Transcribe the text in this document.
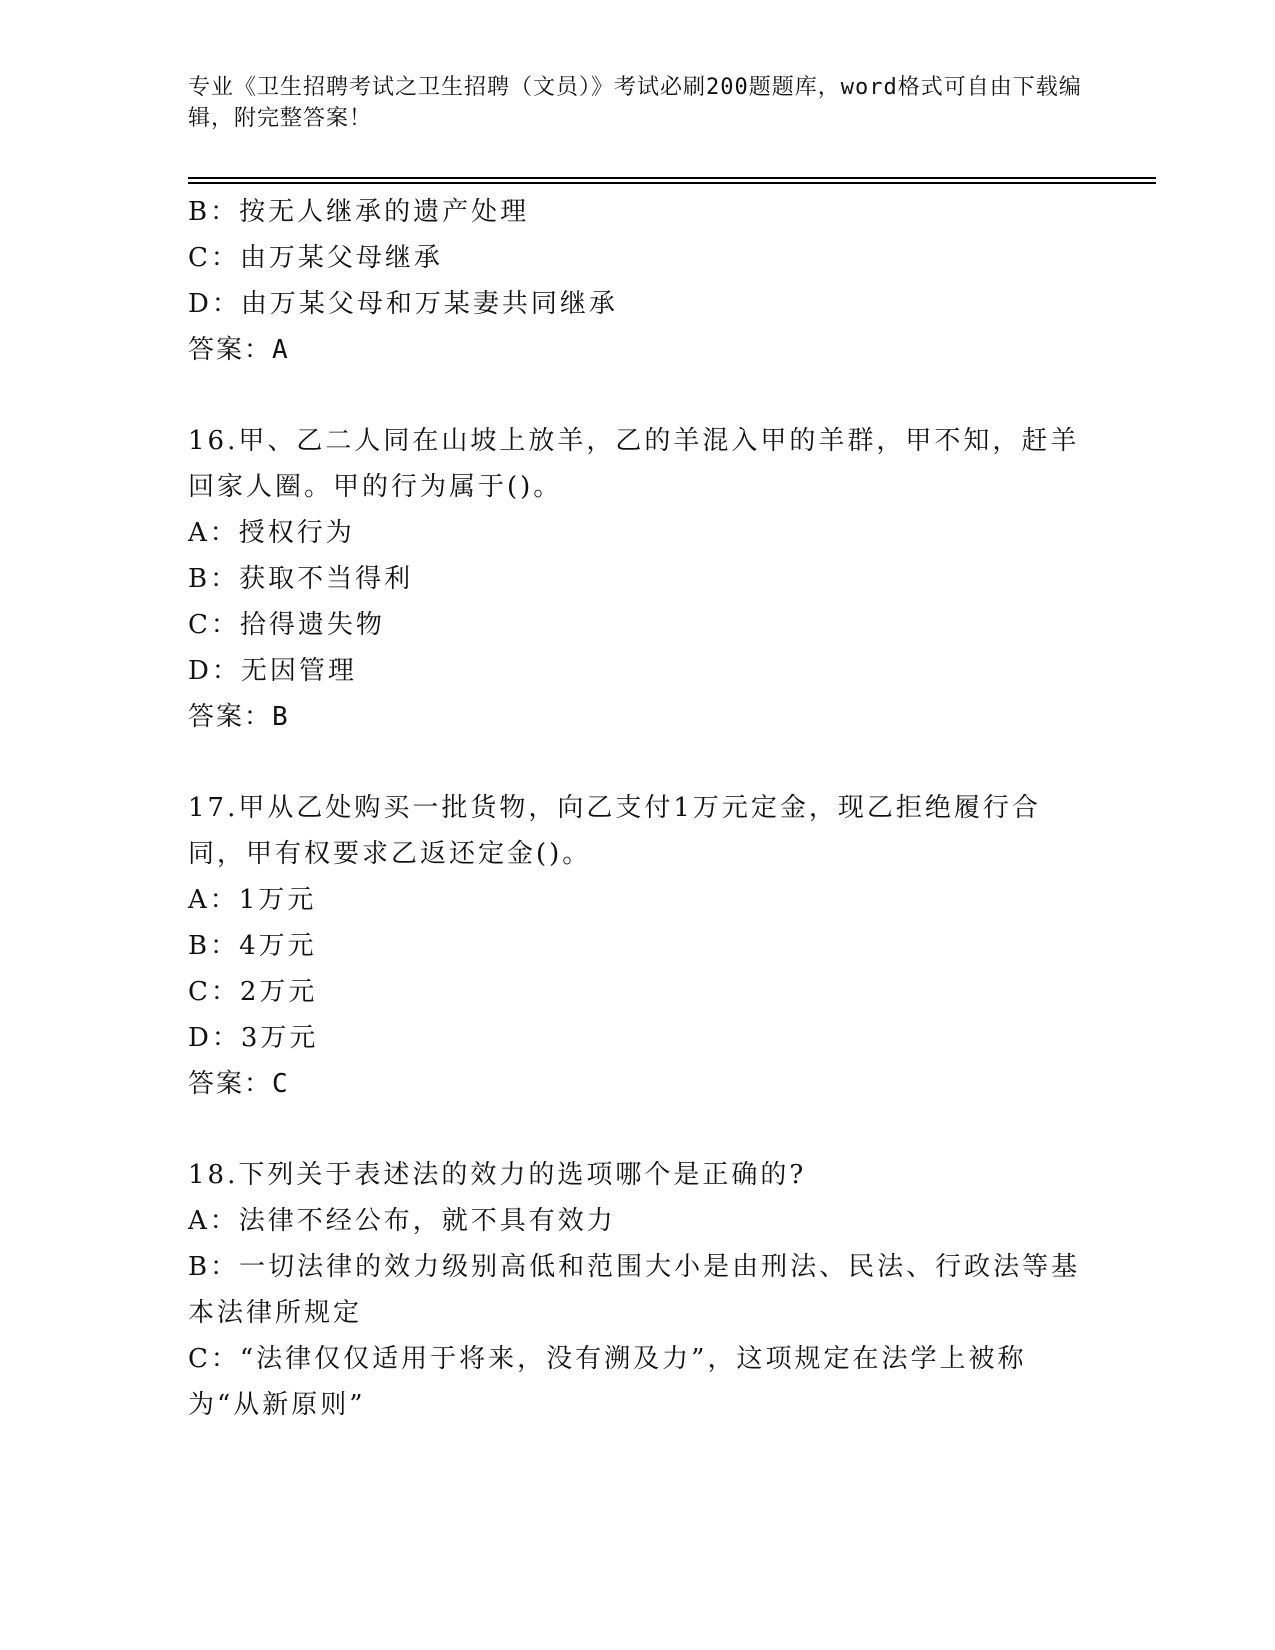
专业《卫生招聘考试之卫生招聘（文员）》考试必刷200题题库，word格式可自由下载编辑，附完整答案！
B：按无人继承的遗产处理
C：由万某父母继承
D：由万某父母和万某妻共同继承
答案：A
16.甲、乙二人同在山坡上放羊，乙的羊混入甲的羊群，甲不知，赶羊回家人圈。甲的行为属于()。
A：授权行为
B：获取不当得利
C：拾得遗失物
D：无因管理
答案：B
17.甲从乙处购买一批货物，向乙支付1万元定金，现乙拒绝履行合同，甲有权要求乙返还定金()。
A：1万元
B：4万元
C：2万元
D：3万元
答案：C
18.下列关于表述法的效力的选项哪个是正确的?
A：法律不经公布，就不具有效力
B：一切法律的效力级别高低和范围大小是由刑法、民法、行政法等基本法律所规定
C：“法律仅仅适用于将来，没有溯及力”，这项规定在法学上被称为“从新原则”
